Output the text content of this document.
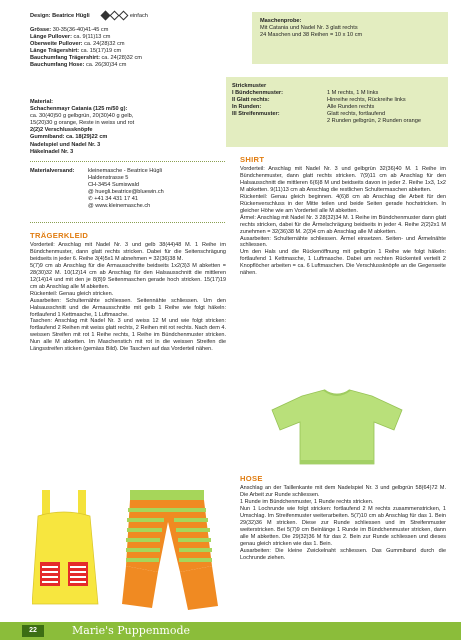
Design: Beatrice Hügli	einfach

Grösse: 30-35(36-40)41-45 cm

Länge Pullover: ca. 9(11)13 cm

Oberweite Pullover: ca. 24(28)32 cm

Länge Trägershirt: ca. 15(17)19 cm

Bauchumfang Trägershirt: ca. 24(28)32 cm

Bauchumfang Hose: ca. 26(30)34 cm

Material:

Schachenmayr Catania (125 m/50 g):

ca. 30(40)50 g gelbgrün, 20(30)40 g gelb,

15(20)30 g orange, Reste in weiss und rot

2(2)2 Verschlussknöpfe

Gummiband: ca. 18(29)22 cm

Nadelspiel und Nadel Nr. 3

Häkelnadel Nr. 3

Materialversand:	kleinemasche - Beatrice Hügli

Haldenstrasse 5

CH-3454 Sumiswald

@ huegli.beatrice@bluewin.ch

✆ +41 34 431 17 41

@ www.kleinemasche.ch

TRÄGERKLEID

Vorderteil: Anschlag mit Nadel Nr. 3 und gelb 38(44)48 M. 1 Reihe im Bündchenmuster, dann glatt rechts stricken. Dabei für die Seitenschrägung beidseits in jeder 6. Reihe 3(4)5x1 M abnehmen = 32(36)38 M.

5(7)9 cm ab Anschlag für die Armausschnitte beidseits 1x2(3)3 M abketten = 28(30)32 M. 10(12)14 cm ab Anschlag für den Halsausschnitt die mittleren 12(14)14 und mit den je 8(8)9 Seitenmaschen gerade hoch stricken. 15(17)19 cm ab Anschlag alle M abketten.

Rückenteil: Genau gleich stricken.

Ausarbeiten: Schulternähte schliessen. Seitennähte schliessen. Um den Halsausschnitt und die Armausschnitte mit gelb 1 Reihe wie folgt häkeln: fortlaufend 1 Kettmasche, 1 Luftmasche.

Taschen: Anschlag mit Nadel Nr. 3 und weiss 12 M und wie folgt stricken: fortlaufend 2 Reihen mit weiss glatt rechts, 2 Reihen mit rot rechts. Nach dem 4. weissen Streifen mit rot 1 Reihe rechts, 1 Reihe im Bündchenmuster stricken. Nun alle M abketten. Im Maschenstich mit rot in die weissen Streifen die Längsstreifen sticken (gemäss Bild). Die Taschen auf das Vorderteil nähen.

Maschenprobe:

Mit Catania und Nadel Nr. 3 glatt rechts

24 Maschen und 38 Reihen = 10 x 10 cm

Strickmuster

I Bündchenmuster:	1 M rechts, 1 M links
II Glatt rechts:	Hinreihe rechts, Rückreihe links
In Runden:	Alle Runden rechts
III Streifenmuster:	Glatt rechts, fortlaufend
2 Runden gelbgrün, 2 Runden orange

SHIRT

Vorderteil: Anschlag mit Nadel Nr. 3 und gelbgrün 32(36)40 M. 1 Reihe im Bündchenmuster, dann glatt rechts stricken. 7(9)11 cm ab Anschlag für den Halsausschnitt die mittleren 6(6)8 M und beidseits davon in jeder 2. Reihe 1x3, 1x2 M abketten. 9(11)13 cm ab Anschlag die restlichen Schultermaschen abketten.

Rückenteil: Genau gleich beginnen. 4(6)8 cm ab Anschlag die Arbeit für den Rückenverschluss in der Mitte teilen und beide Seiten gerade hochstricken. In gleicher Höhe wie am Vorderteil alle M abketten.

Ärmel: Anschlag mit Nadel Nr. 3 28(32)34 M. 1 Reihe im Bündchenmuster dann glatt rechts stricken, dabei für die Ärmelschrägung beidseits in jeder 4. Reihe 2(2)2x1 M zunehmen = 32(36)38 M. 2(3)4 cm ab Anschlag alle M abketten.

Ausarbeiten: Schulternähte schliessen. Ärmel einsetzen. Seiten- und Ärmelnähte schliessen.

Um den Hals und die Rückenöffnung mit gelbgrün 1 Reihe wie folgt häkeln: fortlaufend 1 Kettmasche, 1 Luftmasche. Dabei am rechten Rückenteil verteilt 2 Knopflöcher arbeiten = ca. 6 Luftmaschen. Die Verschlussknöpfe an die Gegenseite nähen.

HOSE

Anschlag an der Taillenkante mit dem Nadelspiel Nr. 3 und gelbgrün 58(64)72 M. Die Arbeit zur Runde schliessen.

1 Runde im Bündchenmuster, 1 Runde rechts stricken.

Nun 1 Lochrunde wie folgt stricken: fortlaufend 2 M rechts zusammenstricken, 1 Umschlag. Im Streifenmuster weiterarbeiten. 5(7)10 cm ab Anschlag für das 1. Bein 29(32)36 M stricken. Diese zur Runde schliessen und im Streifenmuster weiterstricken. Bei 5(7)9 cm Beinlänge 1 Runde im Bündchenmuster stricken, dann alle M abketten. Die 29(32)36 M für das 2. Bein zur Runde schliessen und dieses genau gleich stricken wie das 1. Bein.

Ausarbeiten: Die kleine Zwickelnaht schliessen. Das Gummiband durch die Lochrunde ziehen.

22	Marie's Puppenmode
